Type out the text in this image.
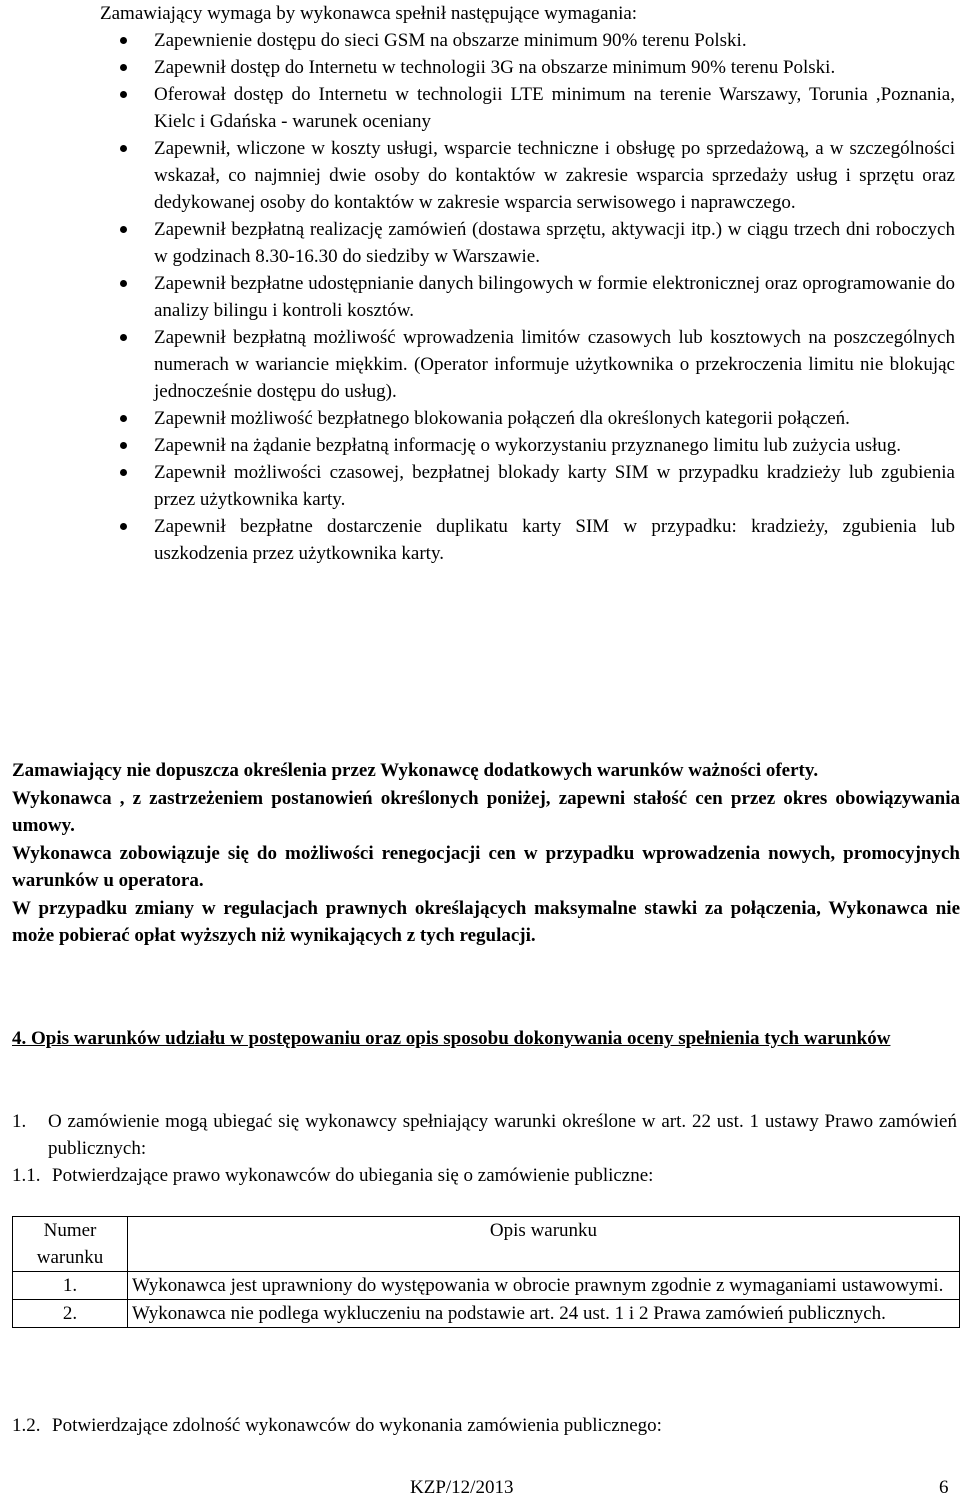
Zamawiający wymaga by wykonawca spełnił następujące wymagania:
Zapewnienie dostępu do sieci GSM na obszarze minimum 90% terenu Polski.
Zapewnił dostęp do Internetu w technologii 3G na obszarze minimum 90% terenu Polski.
Oferował dostęp do Internetu w technologii LTE minimum na terenie Warszawy, Torunia ,Poznania, Kielc i Gdańska - warunek oceniany
Zapewnił, wliczone w koszty usługi, wsparcie techniczne i obsługę po sprzedażową, a w szczególności wskazał, co najmniej dwie osoby do kontaktów w zakresie wsparcia sprzedaży usług i sprzętu oraz dedykowanej osoby do kontaktów w zakresie wsparcia serwisowego i naprawczego.
Zapewnił bezpłatną realizację zamówień (dostawa sprzętu, aktywacji itp.) w ciągu trzech dni roboczych w godzinach 8.30-16.30 do siedziby w Warszawie.
Zapewnił bezpłatne udostępnianie danych bilingowych w formie elektronicznej oraz oprogramowanie do analizy bilingu i kontroli kosztów.
Zapewnił bezpłatną możliwość wprowadzenia limitów czasowych lub kosztowych na poszczególnych numerach w wariancie miękkim. (Operator informuje użytkownika o przekroczenia limitu nie blokując jednocześnie dostępu do usług).
Zapewnił możliwość bezpłatnego blokowania połączeń dla określonych kategorii połączeń.
Zapewnił na żądanie bezpłatną informację o wykorzystaniu przyznanego limitu lub zużycia usług.
Zapewnił możliwości czasowej, bezpłatnej blokady karty SIM w przypadku kradzieży lub zgubienia przez użytkownika karty.
Zapewnił bezpłatne dostarczenie duplikatu karty SIM w przypadku: kradzieży, zgubienia lub uszkodzenia przez użytkownika karty.

Zamawiający nie dopuszcza określenia przez Wykonawcę dodatkowych warunków ważności oferty.

Wykonawca , z zastrzeżeniem postanowień określonych poniżej, zapewni stałość cen przez okres obowiązywania umowy.

Wykonawca zobowiązuje się do możliwości renegocjacji cen w przypadku wprowadzenia nowych, promocyjnych warunków u operatora.

W przypadku zmiany w regulacjach prawnych określających maksymalne stawki za połączenia, Wykonawca nie może pobierać opłat wyższych niż wynikających z tych regulacji.

4. Opis warunków udziału w postępowaniu oraz opis sposobu dokonywania oceny spełnienia tych warunków
1. O zamówienie mogą ubiegać się wykonawcy spełniający warunki określone w art. 22 ust. 1 ustawy Prawo zamówień publicznych:
1.1. Potwierdzające prawo wykonawców do ubiegania się o zamówienie publiczne:
Numer warunku	Opis warunku
1.	Wykonawca jest uprawniony do występowania w obrocie prawnym zgodnie z wymaganiami ustawowymi.
2.	Wykonawca nie podlega wykluczeniu na podstawie art. 24 ust. 1 i 2 Prawa zamówień publicznych.
1.2. Potwierdzające zdolność wykonawców do wykonania zamówienia publicznego:
KZP/12/2013	6
